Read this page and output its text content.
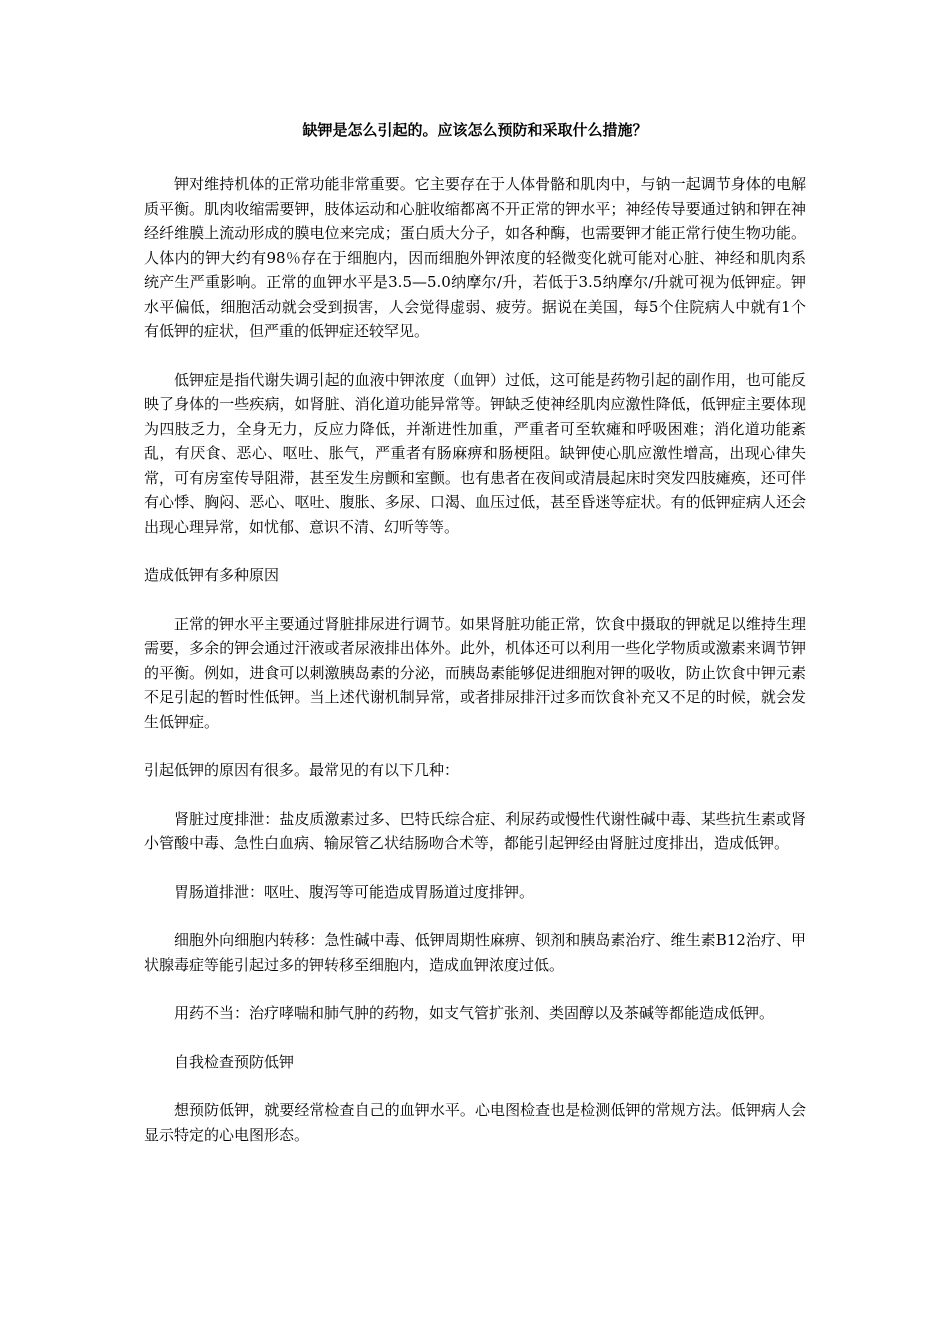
缺钾是怎么引起的。应该怎么预防和采取什么措施？

钾对维持机体的正常功能非常重要。它主要存在于人体骨骼和肌肉中，与钠一起调节身体的电解质平衡。肌肉收缩需要钾，肢体运动和心脏收缩都离不开正常的钾水平；神经传导要通过钠和钾在神经纤维膜上流动形成的膜电位来完成；蛋白质大分子，如各种酶，也需要钾才能正常行使生物功能。人体内的钾大约有98％存在于细胞内，因而细胞外钾浓度的轻微变化就可能对心脏、神经和肌肉系统产生严重影响。正常的血钾水平是3.5—5.0纳摩尔/升，若低于3.5纳摩尔/升就可视为低钾症。钾水平偏低，细胞活动就会受到损害，人会觉得虚弱、疲劳。据说在美国，每5个住院病人中就有1个有低钾的症状，但严重的低钾症还较罕见。

低钾症是指代谢失调引起的血液中钾浓度（血钾）过低，这可能是药物引起的副作用，也可能反映了身体的一些疾病，如肾脏、消化道功能异常等。钾缺乏使神经肌肉应激性降低，低钾症主要体现为四肢乏力，全身无力，反应力降低，并渐进性加重，严重者可至软瘫和呼吸困难；消化道功能紊乱，有厌食、恶心、呕吐、胀气，严重者有肠麻痹和肠梗阻。缺钾使心肌应激性增高，出现心律失常，可有房室传导阻滞，甚至发生房颤和室颤。也有患者在夜间或清晨起床时突发四肢瘫痪，还可伴有心悸、胸闷、恶心、呕吐、腹胀、多尿、口渴、血压过低，甚至昏迷等症状。有的低钾症病人还会出现心理异常，如忧郁、意识不清、幻听等等。

造成低钾有多种原因

正常的钾水平主要通过肾脏排尿进行调节。如果肾脏功能正常，饮食中摄取的钾就足以维持生理需要，多余的钾会通过汗液或者尿液排出体外。此外，机体还可以利用一些化学物质或激素来调节钾的平衡。例如，进食可以刺激胰岛素的分泌，而胰岛素能够促进细胞对钾的吸收，防止饮食中钾元素不足引起的暂时性低钾。当上述代谢机制异常，或者排尿排汗过多而饮食补充又不足的时候，就会发生低钾症。

引起低钾的原因有很多。最常见的有以下几种：

肾脏过度排泄：盐皮质激素过多、巴特氏综合症、利尿药或慢性代谢性碱中毒、某些抗生素或肾小管酸中毒、急性白血病、输尿管乙状结肠吻合术等，都能引起钾经由肾脏过度排出，造成低钾。

胃肠道排泄：呕吐、腹泻等可能造成胃肠道过度排钾。

细胞外向细胞内转移：急性碱中毒、低钾周期性麻痹、钡剂和胰岛素治疗、维生素B12治疗、甲状腺毒症等能引起过多的钾转移至细胞内，造成血钾浓度过低。

用药不当：治疗哮喘和肺气肿的药物，如支气管扩张剂、类固醇以及茶碱等都能造成低钾。

自我检查预防低钾

想预防低钾，就要经常检查自己的血钾水平。心电图检查也是检测低钾的常规方法。低钾病人会显示特定的心电图形态。
